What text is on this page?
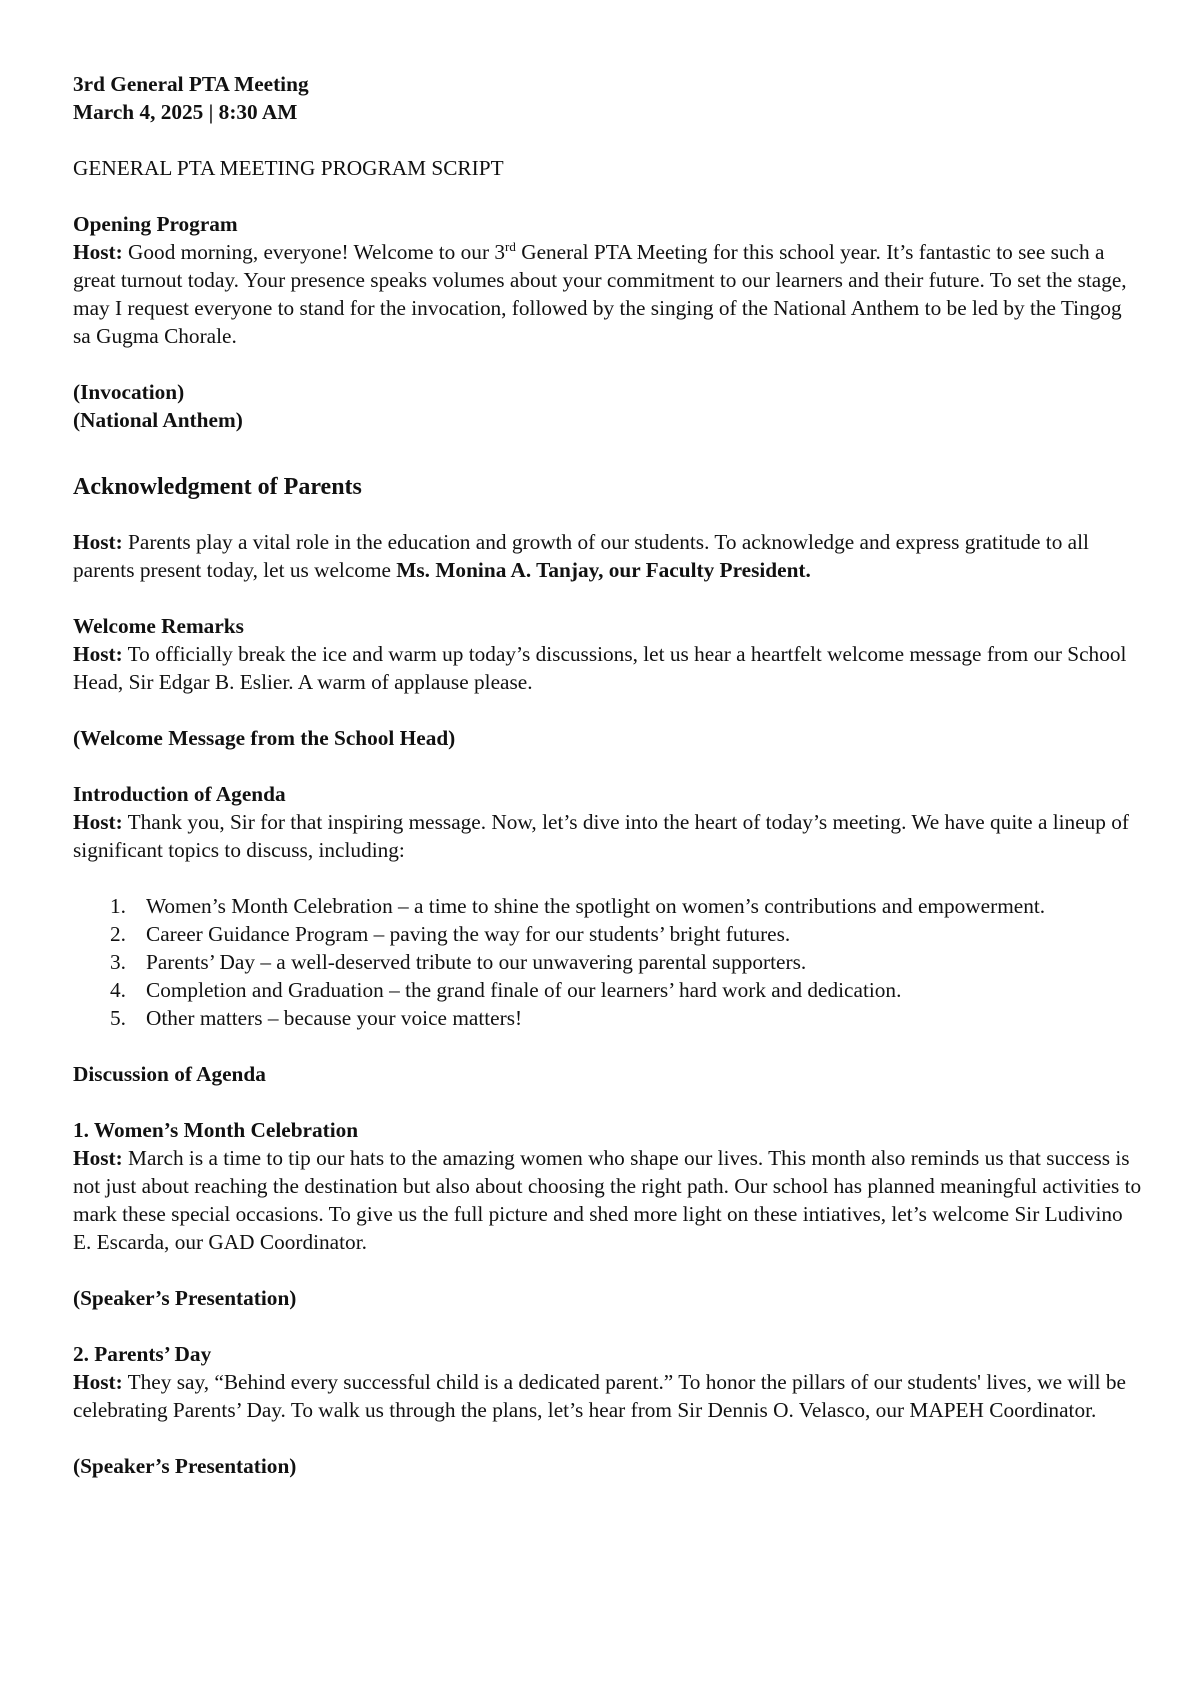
3rd General PTA Meeting

March 4, 2025 | 8:30 AM

GENERAL PTA MEETING PROGRAM SCRIPT

Opening Program

Host: Good morning, everyone! Welcome to our 3rd General PTA Meeting for this school year. It’s fantastic to see such a great turnout today. Your presence speaks volumes about your commitment to our learners and their future. To set the stage, may I request everyone to stand for the invocation, followed by the singing of the National Anthem to be led by the Tingog sa Gugma Chorale.

(Invocation)

(National Anthem)

Acknowledgment of Parents

Host: Parents play a vital role in the education and growth of our students. To acknowledge and express gratitude to all parents present today, let us welcome Ms. Monina A. Tanjay, our Faculty President.

Welcome Remarks

Host: To officially break the ice and warm up today’s discussions, let us hear a heartfelt welcome message from our School Head, Sir Edgar B. Eslier. A warm of applause please.

(Welcome Message from the School Head)

Introduction of Agenda

Host: Thank you, Sir for that inspiring message. Now, let’s dive into the heart of today’s meeting. We have quite a lineup of significant topics to discuss, including:

1. Women’s Month Celebration – a time to shine the spotlight on women’s contributions and empowerment.
2. Career Guidance Program – paving the way for our students’ bright futures.
3. Parents’ Day – a well-deserved tribute to our unwavering parental supporters.
4. Completion and Graduation – the grand finale of our learners’ hard work and dedication.
5. Other matters – because your voice matters!

Discussion of Agenda

1. Women’s Month Celebration

Host: March is a time to tip our hats to the amazing women who shape our lives. This month also reminds us that success is not just about reaching the destination but also about choosing the right path. Our school has planned meaningful activities to mark these special occasions. To give us the full picture and shed more light on these intiatives, let’s welcome Sir Ludivino E. Escarda, our GAD Coordinator.

(Speaker’s Presentation)

2. Parents’ Day

Host: They say, “Behind every successful child is a dedicated parent.” To honor the pillars of our students' lives, we will be celebrating Parents’ Day. To walk us through the plans, let’s hear from Sir Dennis O. Velasco, our MAPEH Coordinator.

(Speaker’s Presentation)
